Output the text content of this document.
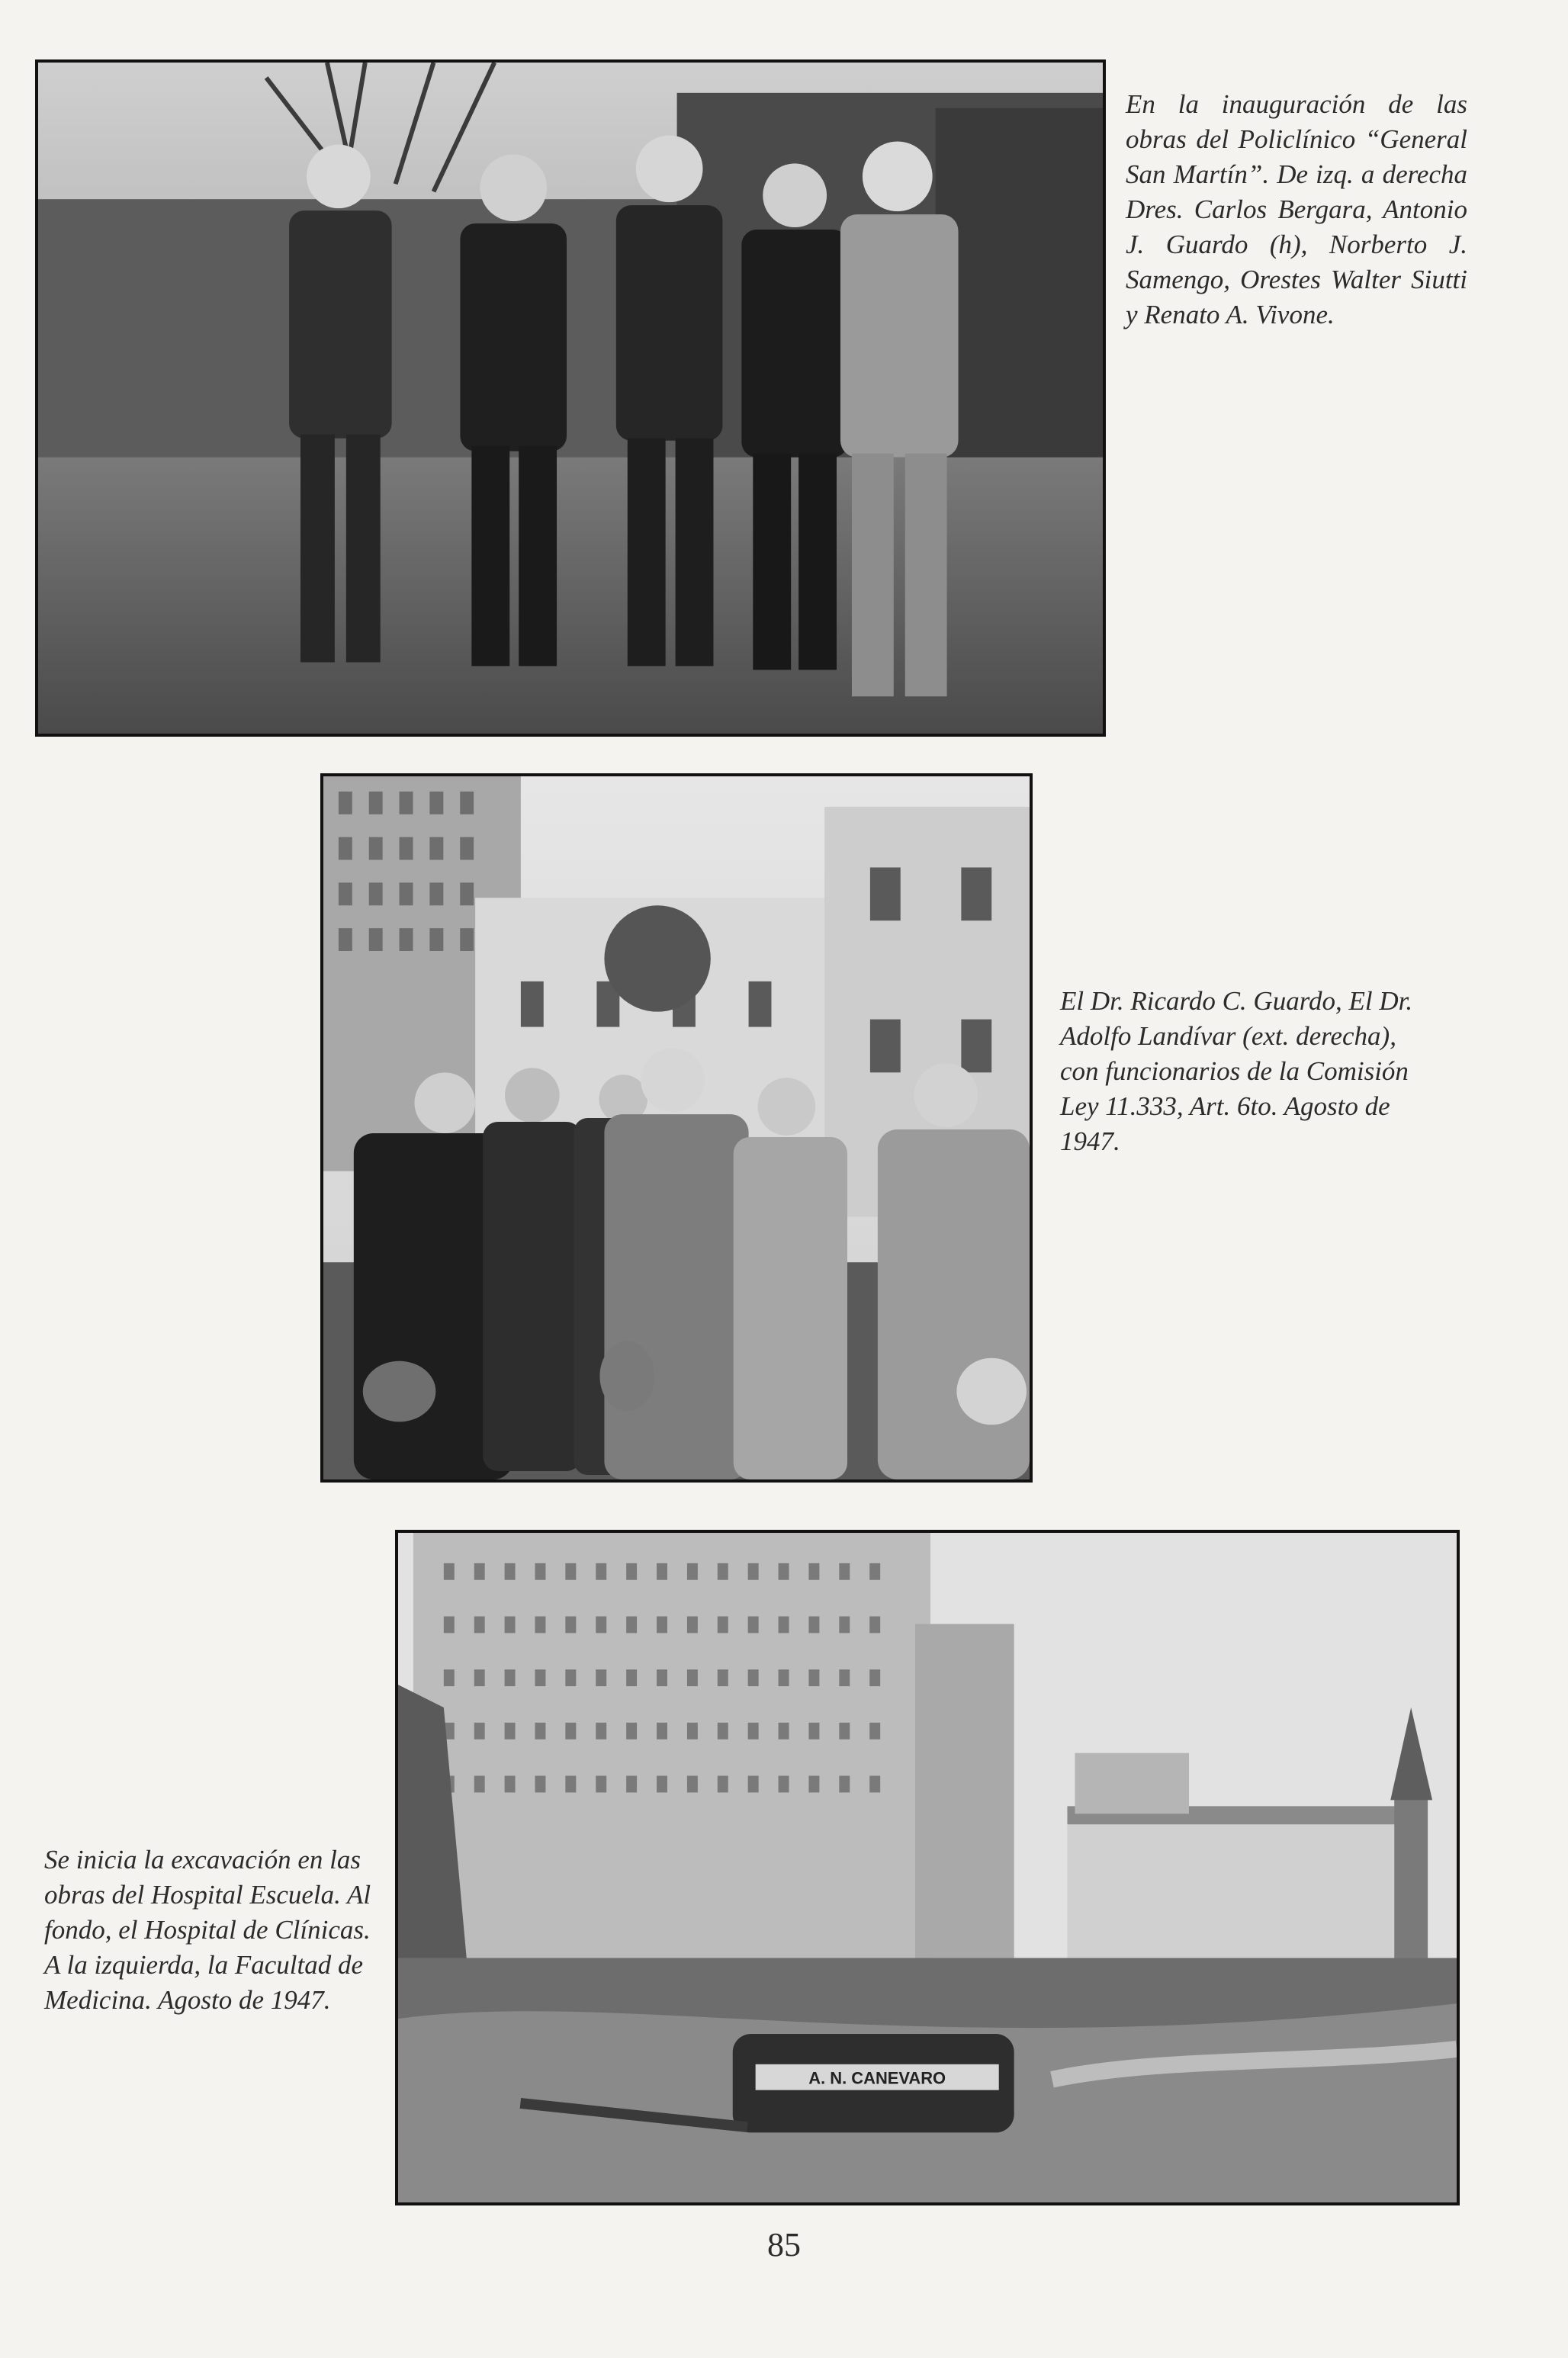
En la inauguración de las obras del Policlínico “General San Martín”. De izq. a derecha Dres. Carlos Bergara, Antonio J. Guardo (h), Norberto J. Samengo, Orestes Walter Siutti y Renato A. Vivone.

El Dr. Ricardo C. Guardo, El Dr. Adolfo Landívar (ext. derecha), con funcionarios de la Comisión Ley 11.333, Art. 6to. Agosto de 1947.

A. N. CANEVARO

Se inicia la excavación en las obras del Hospital Escuela. Al fondo, el Hospital de Clínicas. A la izquierda, la Facultad de Medicina. Agosto de 1947.

85
